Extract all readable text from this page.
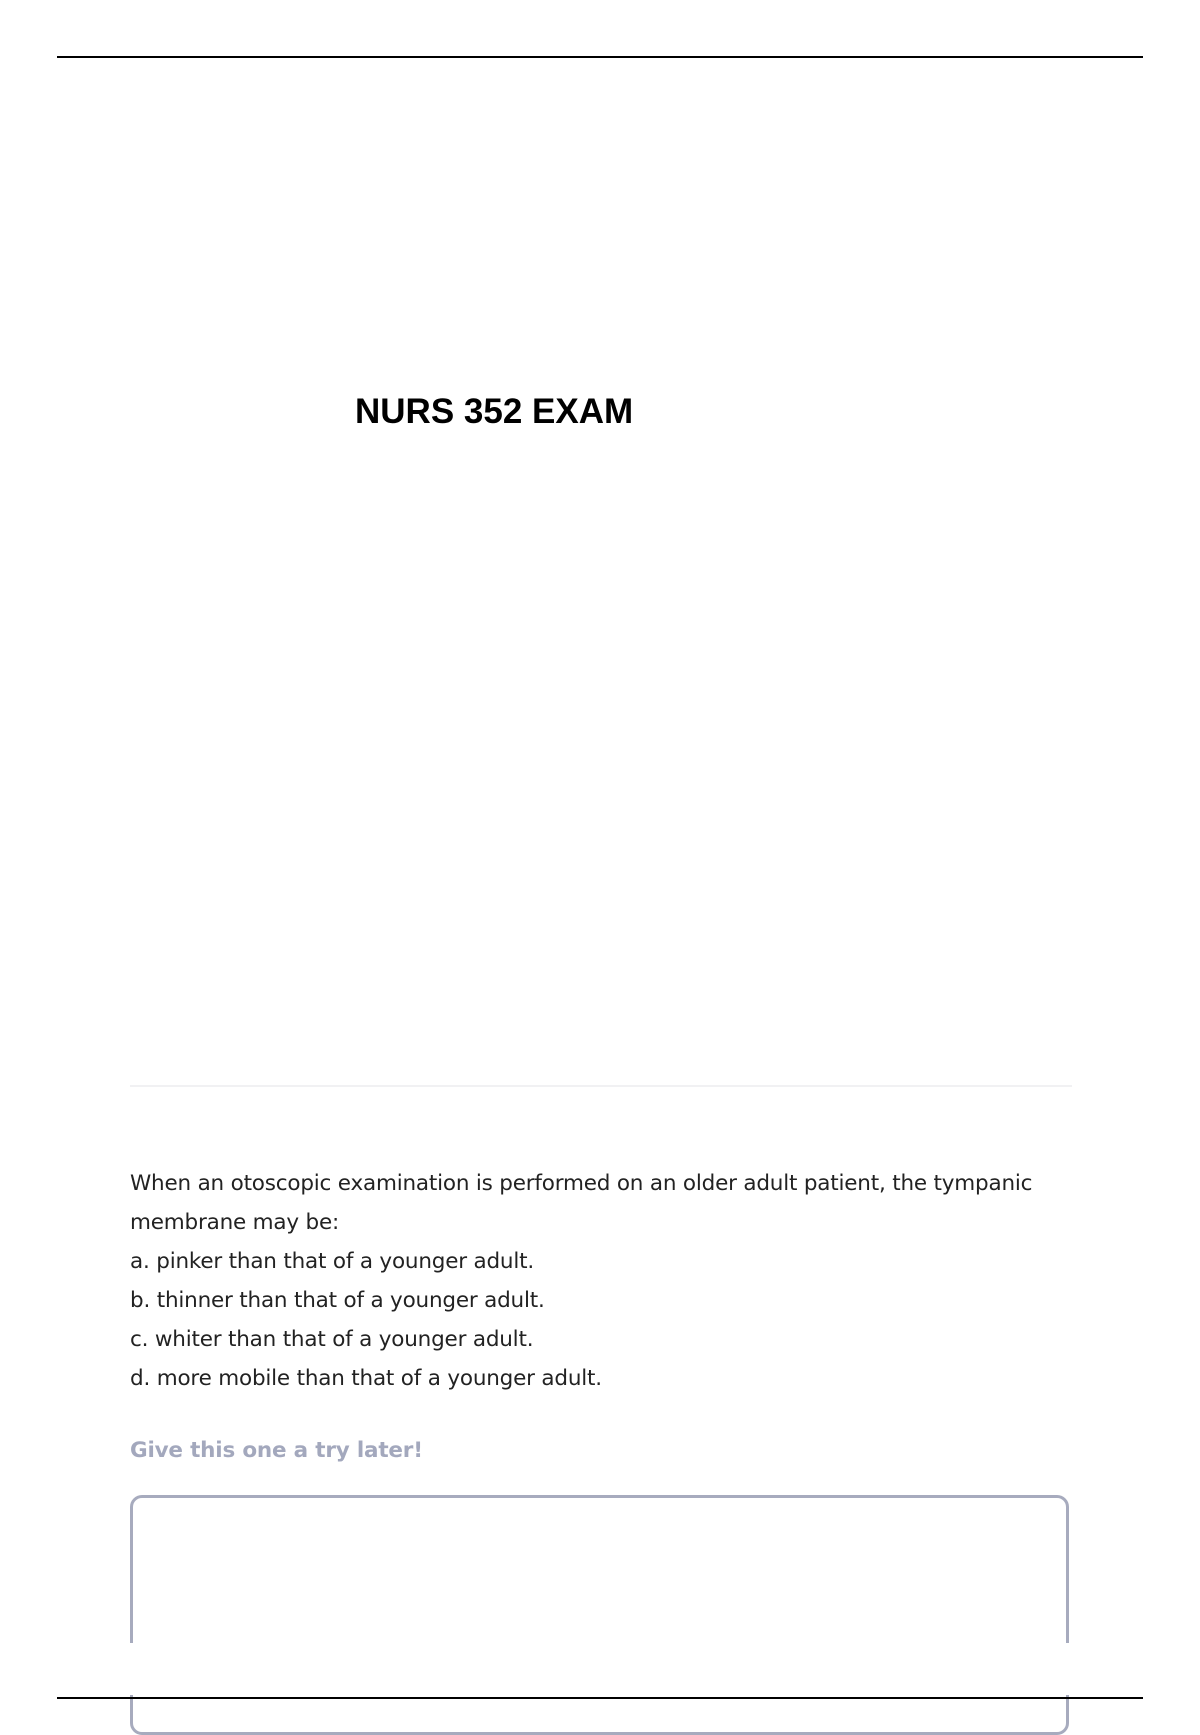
NURS 352 EXAM

When an otoscopic examination is performed on an older adult patient, the tympanic membrane may be:

a. pinker than that of a younger adult.
b. thinner than that of a younger adult.
c. whiter than that of a younger adult.
d. more mobile than that of a younger adult.

Give this one a try later!
